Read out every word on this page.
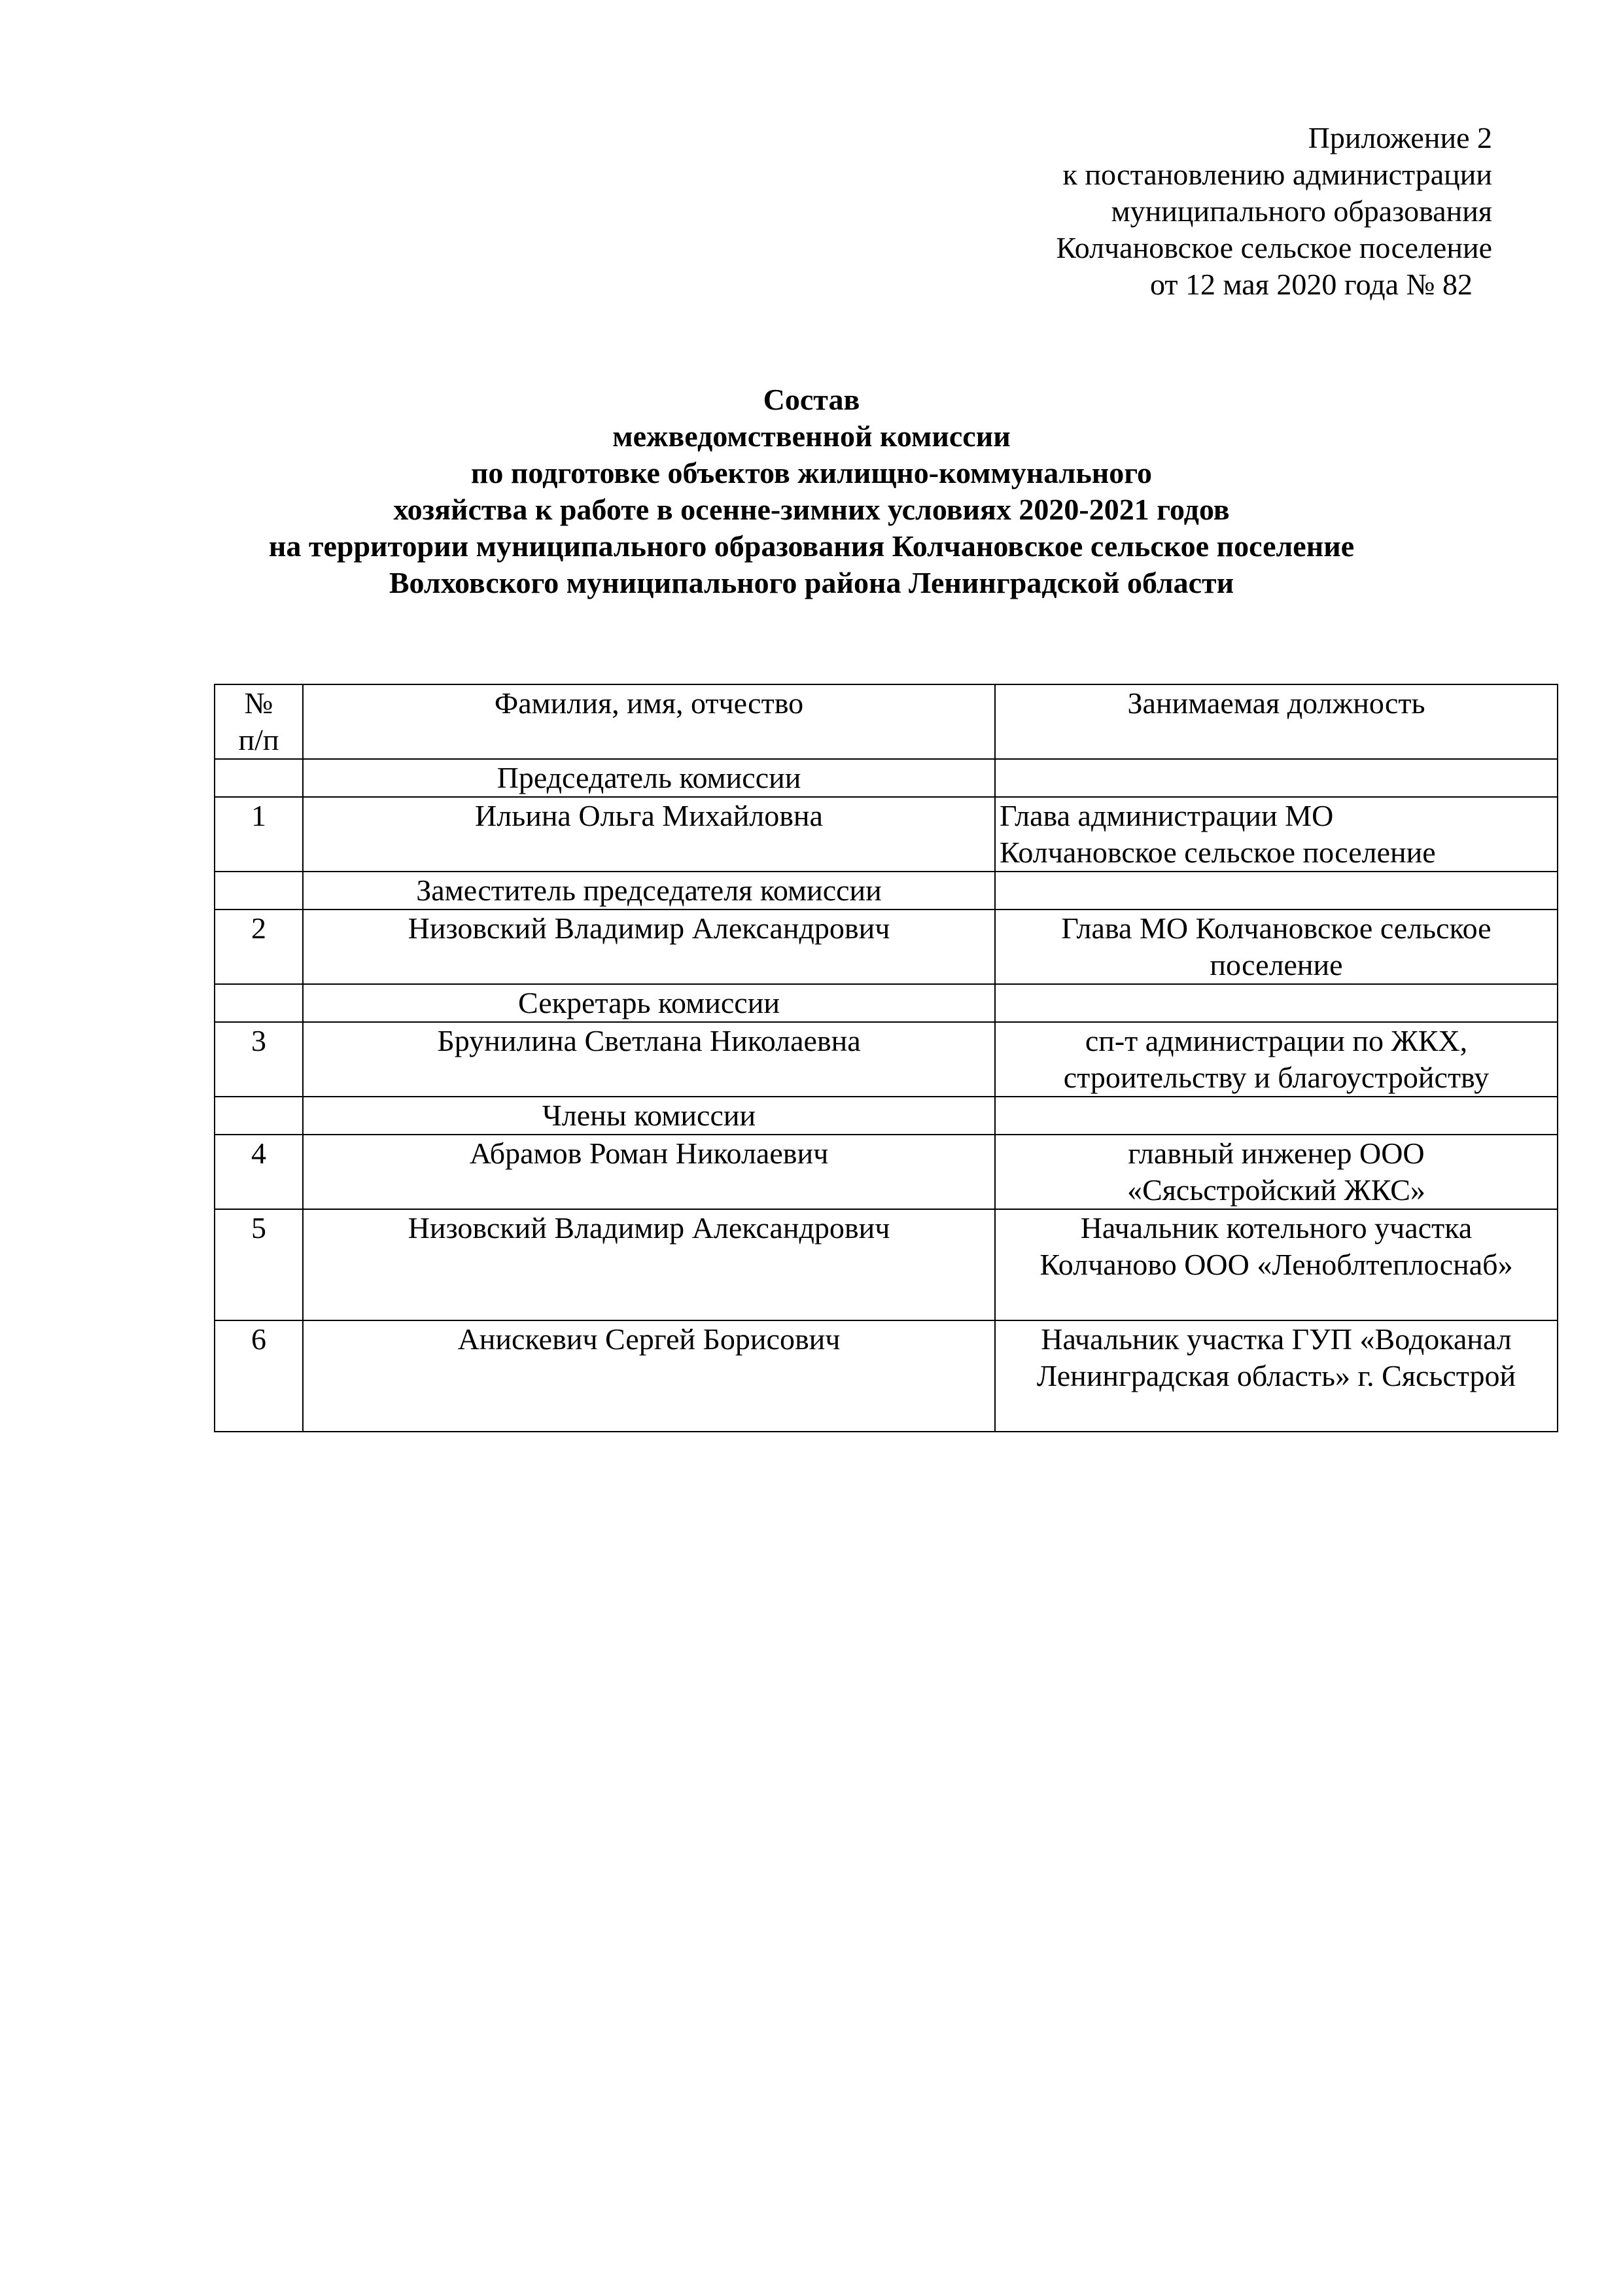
Приложение 2
к постановлению администрации
муниципального образования
Колчановское сельское поселение
от 12 мая 2020 года № 82
Состав
межведомственной комиссии
по подготовке объектов жилищно-коммунального
хозяйства к работе в осенне-зимних условиях 2020-2021 годов
на территории муниципального образования Колчановское сельское поселение
Волховского муниципального района Ленинградской области
№
п/п	Фамилия, имя, отчество	Занимаемая должность
	Председатель комиссии	
1	Ильина Ольга Михайловна	Глава администрации МО
Колчановское сельское поселение

	Заместитель председателя комиссии	
2	Низовский Владимир Александрович	Глава МО Колчановское сельское
поселение

	Секретарь комиссии	
3	Брунилина Светлана Николаевна	сп-т администрации по ЖКХ,
строительству и благоустройству

	Члены комиссии	
4	Абрамов Роман Николаевич	главный инженер ООО
«Сясьстройский ЖКС»

5	Низовский Владимир Александрович	Начальник котельного участка
Колчаново ООО «Леноблтеплоснаб»

6	Анискевич Сергей Борисович	Начальник участка ГУП «Водоканал
Ленинградская область» г. Сясьстрой
